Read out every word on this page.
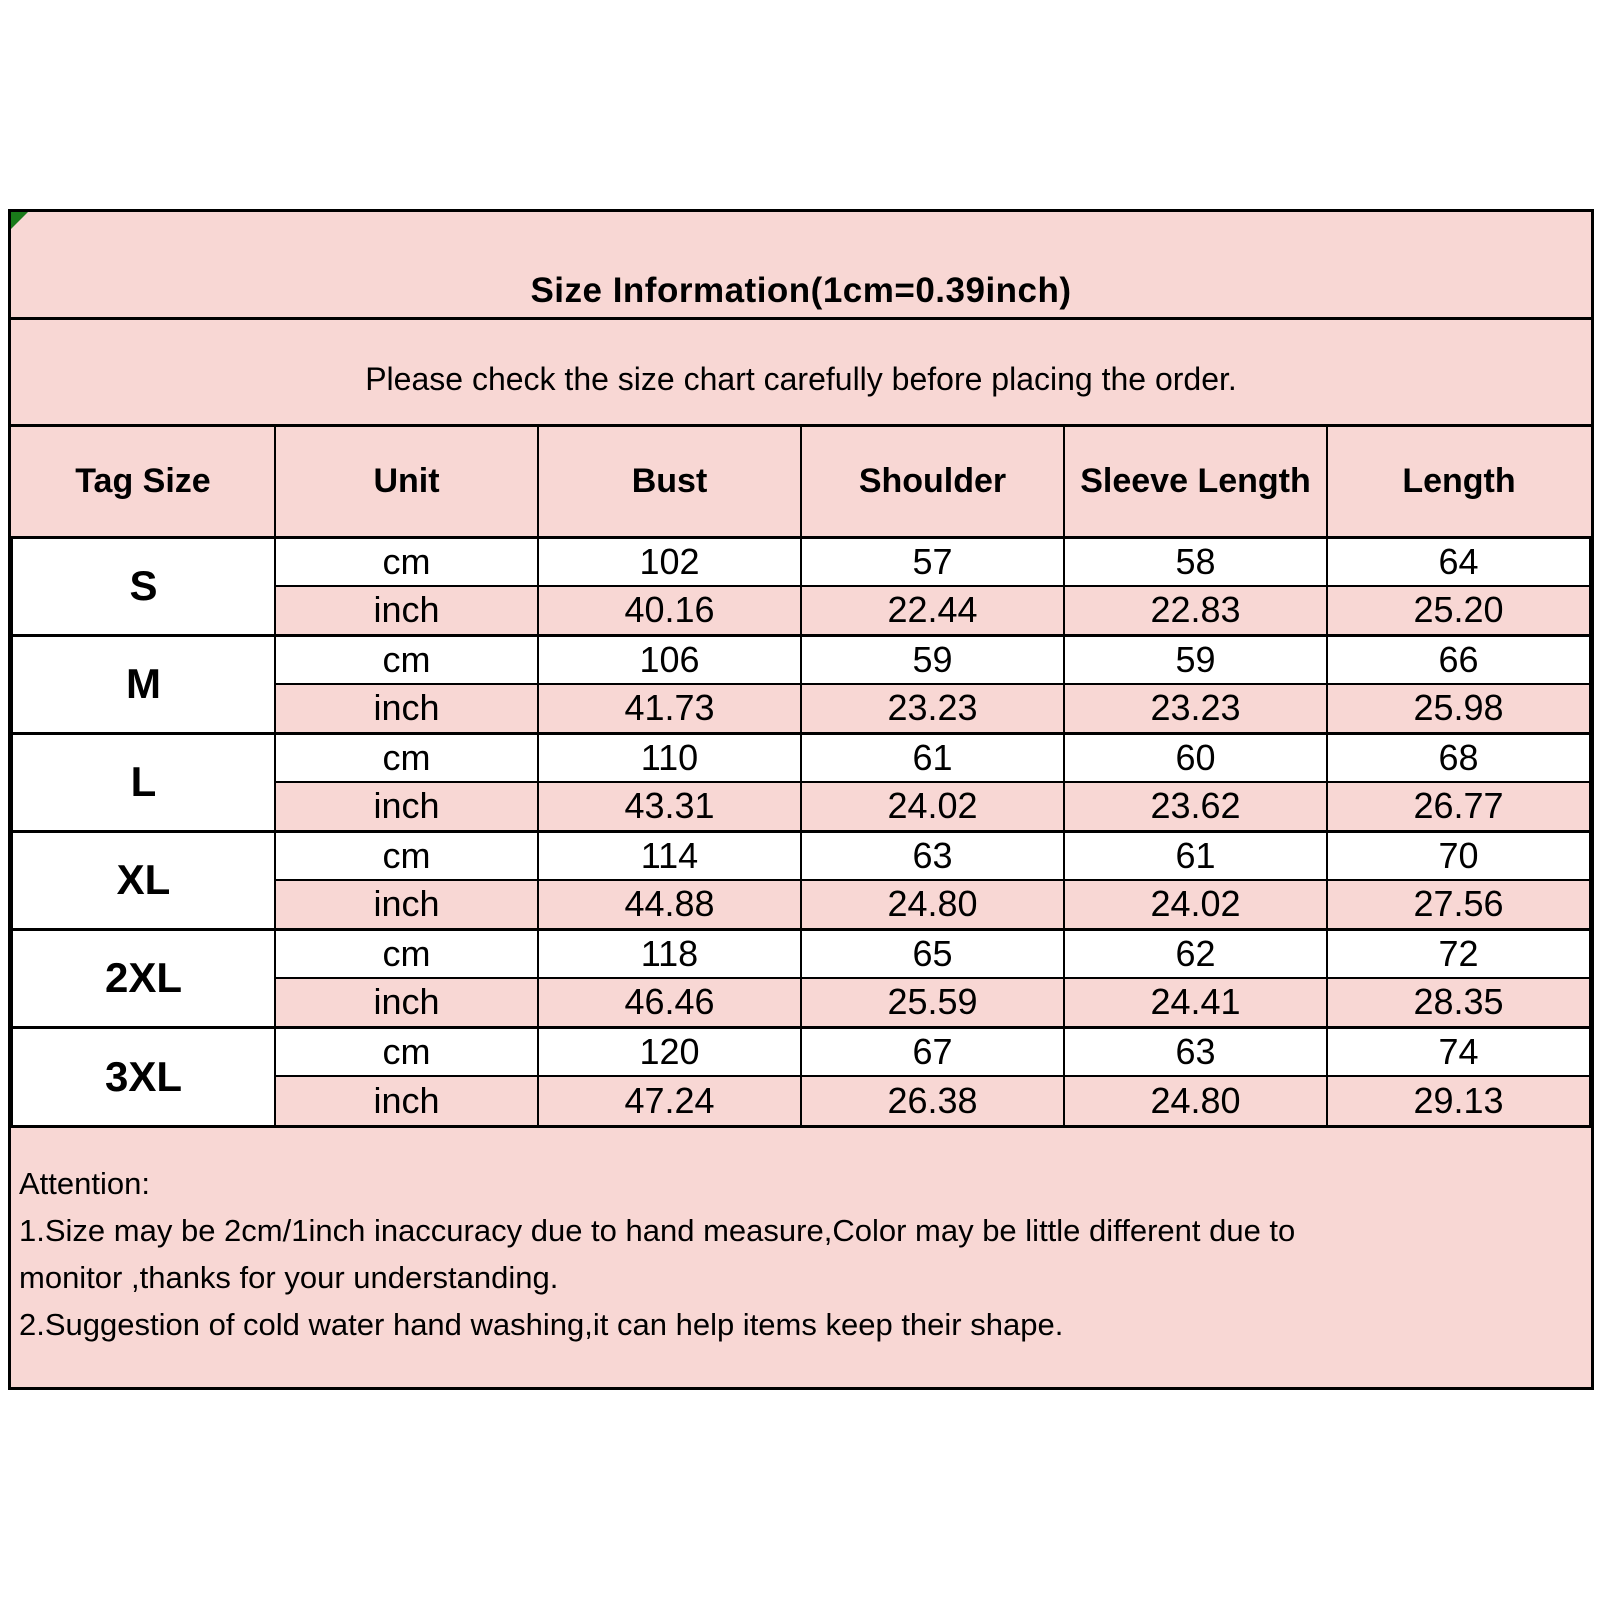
Size Information(1cm=0.39inch)
Please check the size chart carefully before placing the order.
Tag Size	Unit	Bust	Shoulder	Sleeve Length	Length
S	cm	102	57	58	64
	inch	40.16	22.44	22.83	25.20
M	cm	106	59	59	66
	inch	41.73	23.23	23.23	25.98
L	cm	110	61	60	68
	inch	43.31	24.02	23.62	26.77
XL	cm	114	63	61	70
	inch	44.88	24.80	24.02	27.56
2XL	cm	118	65	62	72
	inch	46.46	25.59	24.41	28.35
3XL	cm	120	67	63	74
	inch	47.24	26.38	24.80	29.13
Attention:
1.Size may be 2cm/1inch inaccuracy due to hand measure,Color may be little different due to
monitor ,thanks for your understanding.
2.Suggestion of cold water hand washing,it can help items keep their shape.
